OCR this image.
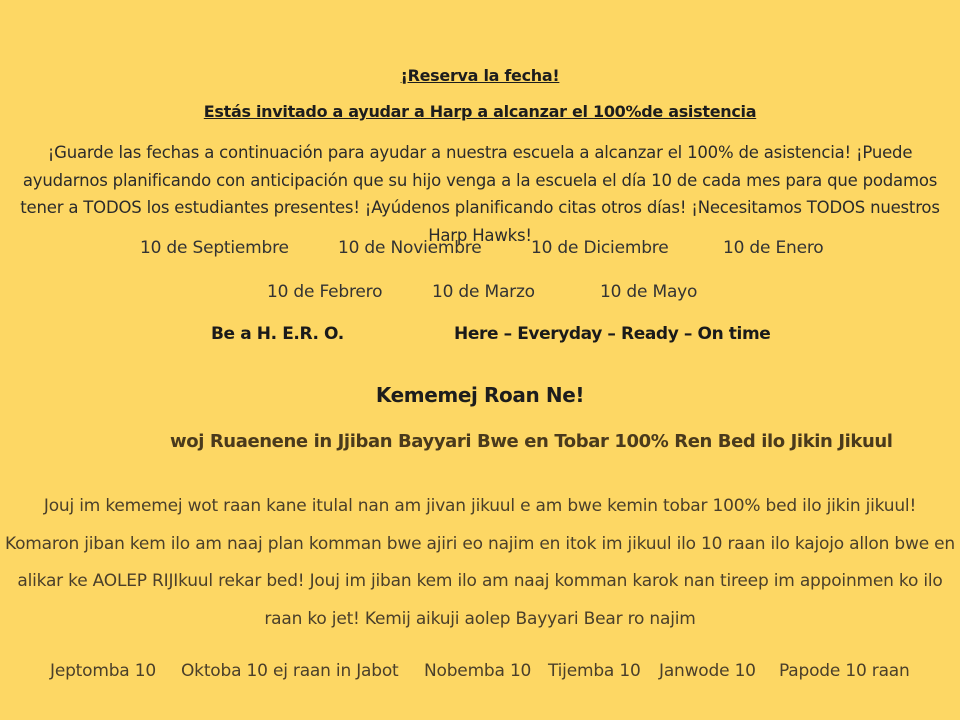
¡Reserva la fecha!
Estás invitado a ayudar a Harp a alcanzar el 100%de asistencia
¡Guarde las fechas a continuación para ayudar a nuestra escuela a alcanzar el 100% de asistencia! ¡Puede ayudarnos planificando con anticipación que su hijo venga a la escuela el día 10 de cada mes para que podamos tener a TODOS los estudiantes presentes! ¡Ayúdenos planificando citas otros días! ¡Necesitamos TODOS nuestros Harp Hawks!
10 de Septiembre	10 de Noviembre	10 de Diciembre	10 de Enero
10 de Febrero	10 de Marzo	10 de Mayo
Be a H. E.R. O.	Here – Everyday – Ready – On time
Kememej Roan Ne!
woj Ruaenene in Jjiban Bayyari Bwe en Tobar 100% Ren Bed ilo Jikin Jikuul
Jouj im kememej wot raan kane itulal nan am jivan jikuul e am bwe kemin tobar 100% bed ilo jikin jikuul!
Komaron jiban kem ilo am naaj plan komman bwe ajiri eo najim en itok im jikuul ilo 10 raan ilo kajojo allon bwe en
alikar ke AOLEP RIJIkuul rekar bed! Jouj im jiban kem ilo am naaj komman karok nan tireep im appoinmen ko ilo
raan ko jet! Kemij aikuji aolep Bayyari Bear ro najim
Jeptomba 10 Oktoba 10 ej raan in Jabot Nobemba 10 Tijemba 10 Janwode 10 Papode 10 raan
